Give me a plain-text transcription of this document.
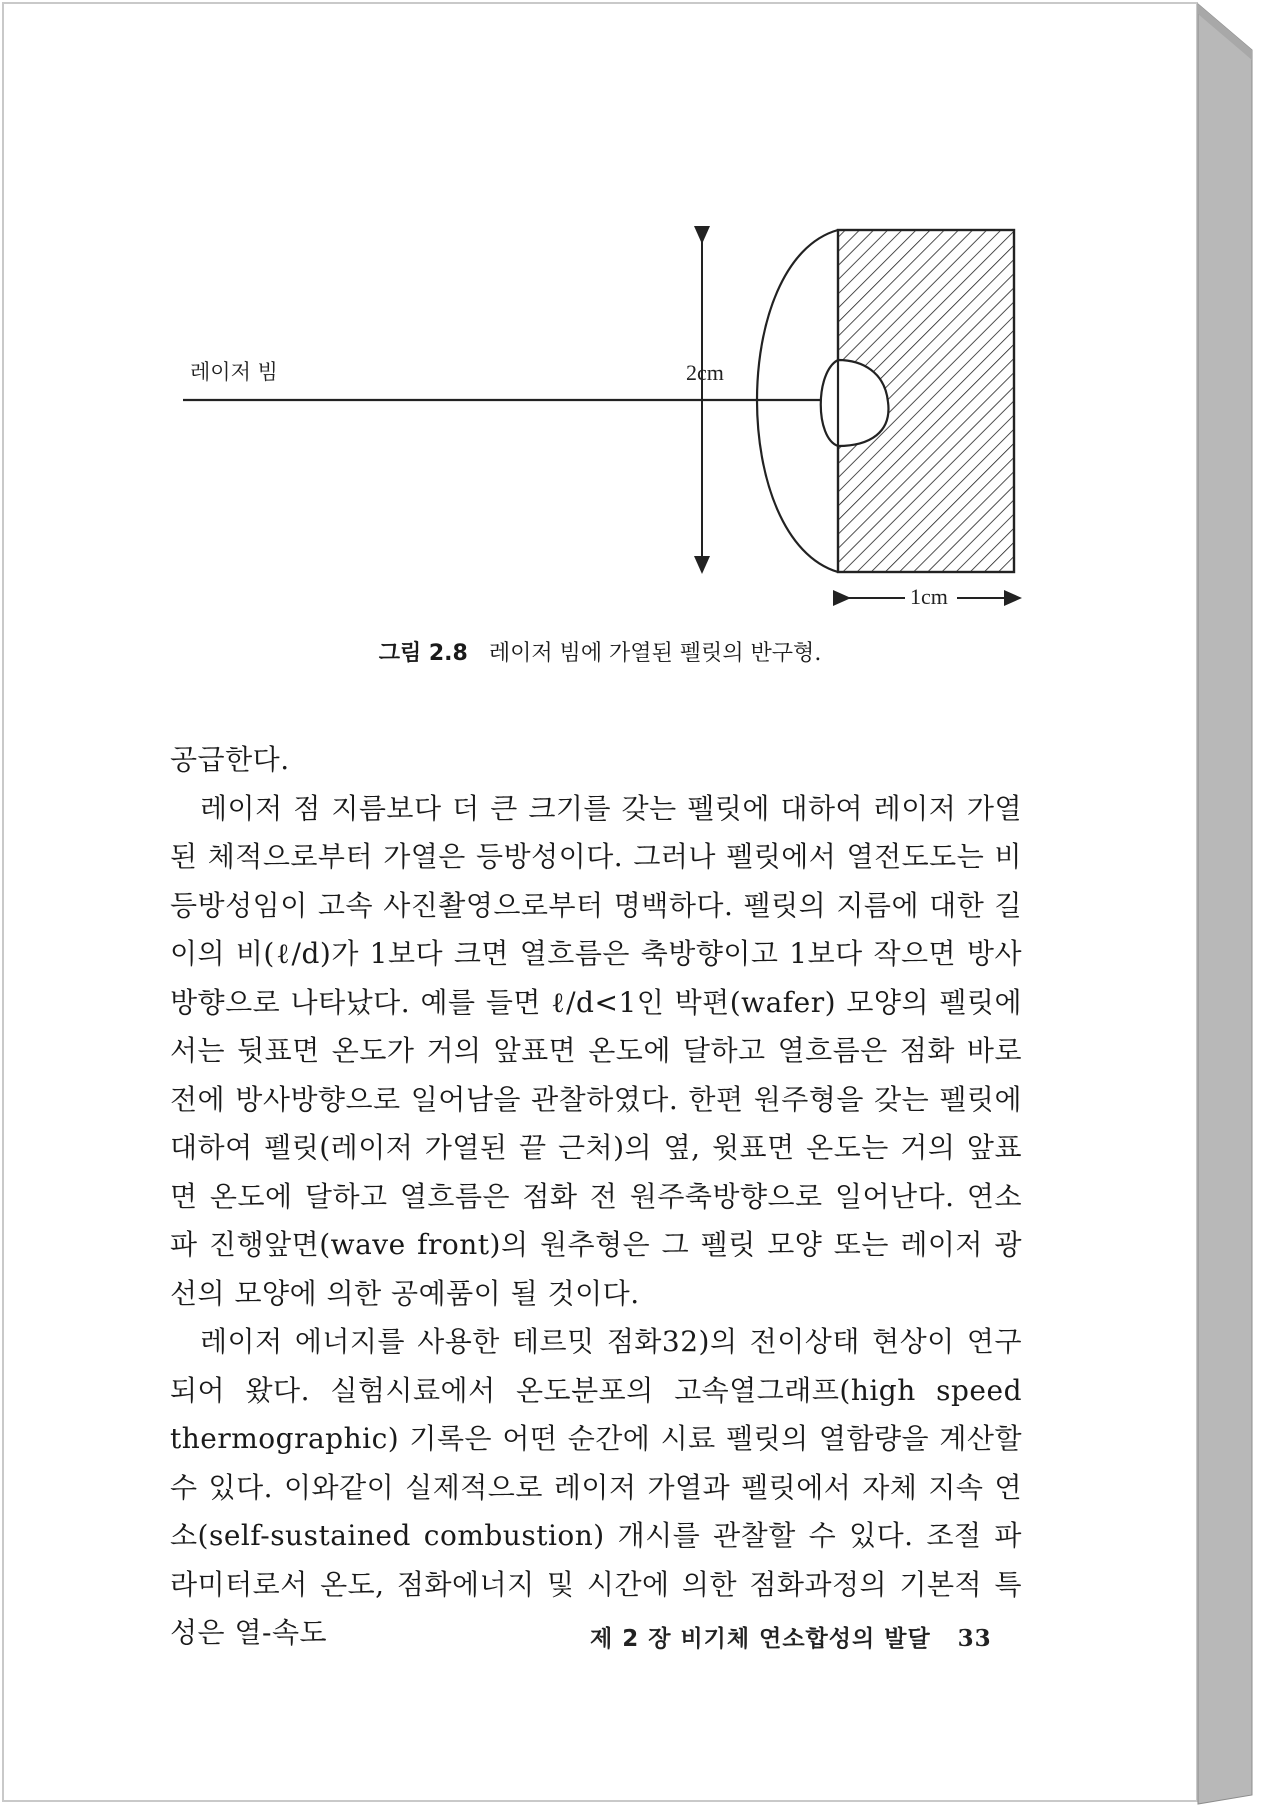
레이저 빔	2cm
1cm
그림 2.8 레이저 빔에 가열된 펠릿의 반구형.

공급한다.

레이저 점 지름보다 더 큰 크기를 갖는 펠릿에 대하여 레이저 가열된 체적으로부터 가열은 등방성이다. 그러나 펠릿에서 열전도도는 비등방성임이 고속 사진촬영으로부터 명백하다. 펠릿의 지름에 대한 길이의 비(ℓ/d)가 1보다 크면 열흐름은 축방향이고 1보다 작으면 방사방향으로 나타났다. 예를 들면 ℓ/d<1인 박편(wafer) 모양의 펠릿에서는 뒷표면 온도가 거의 앞표면 온도에 달하고 열흐름은 점화 바로 전에 방사방향으로 일어남을 관찰하였다. 한편 원주형을 갖는 펠릿에 대하여 펠릿(레이저 가열된 끝 근처)의 옆, 윗표면 온도는 거의 앞표면 온도에 달하고 열흐름은 점화 전 원주축방향으로 일어난다. 연소파 진행앞면(wave front)의 원추형은 그 펠릿 모양 또는 레이저 광선의 모양에 의한 공예품이 될 것이다.

레이저 에너지를 사용한 테르밋 점화32)의 전이상태 현상이 연구되어 왔다. 실험시료에서 온도분포의 고속열그래프(high speed thermographic) 기록은 어떤 순간에 시료 펠릿의 열함량을 계산할 수 있다. 이와같이 실제적으로 레이저 가열과 펠릿에서 자체 지속 연소(self-sustained combustion) 개시를 관찰할 수 있다. 조절 파라미터로서 온도, 점화에너지 및 시간에 의한 점화과정의 기본적 특성은 열-속도	제 2 장 비기체 연소합성의 발달 33
